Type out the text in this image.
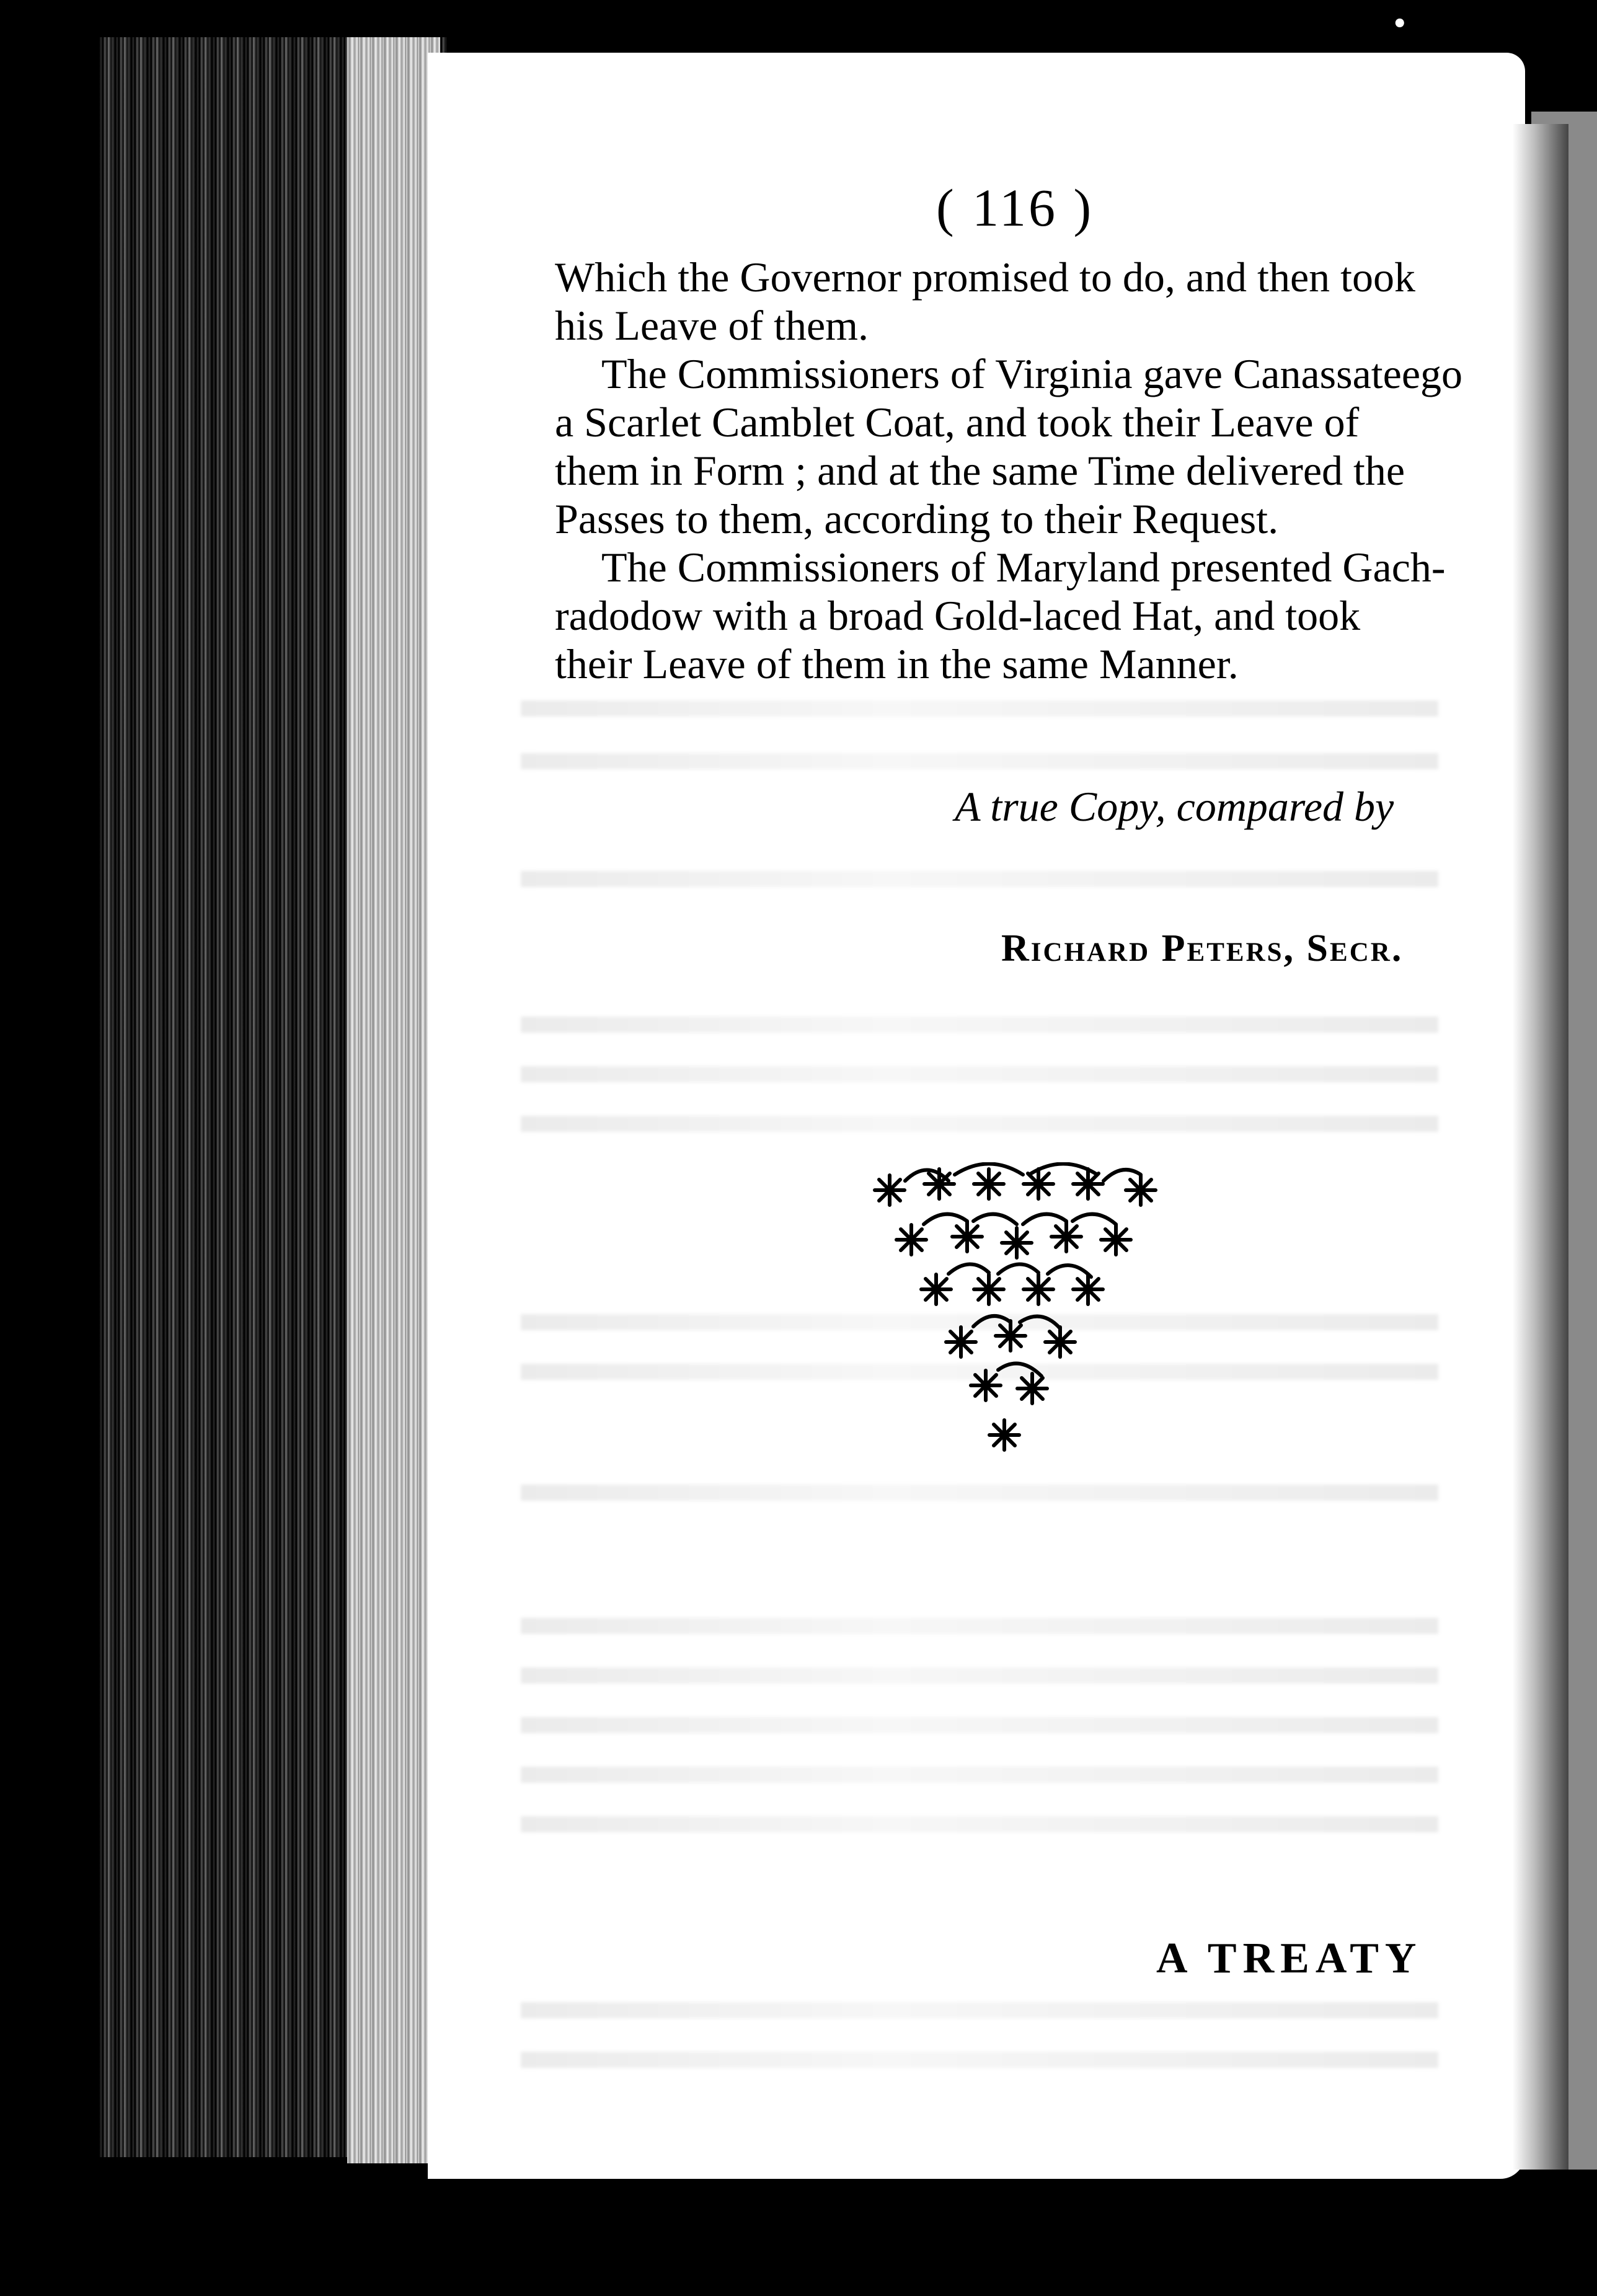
•
( 116 )
Which the Governor promised to do, and then took
his Leave of them.
The Commissioners of Virginia gave Canassateego
a Scarlet Camblet Coat, and took their Leave of
them in Form ; and at the same Time delivered the
Passes to them, according to their Request.
The Commissioners of Maryland presented Gach-
radodow with a broad Gold-laced Hat, and took
their Leave of them in the same Manner.
A true Copy, compared by
Richard Peters, Secr.
A TREATY
